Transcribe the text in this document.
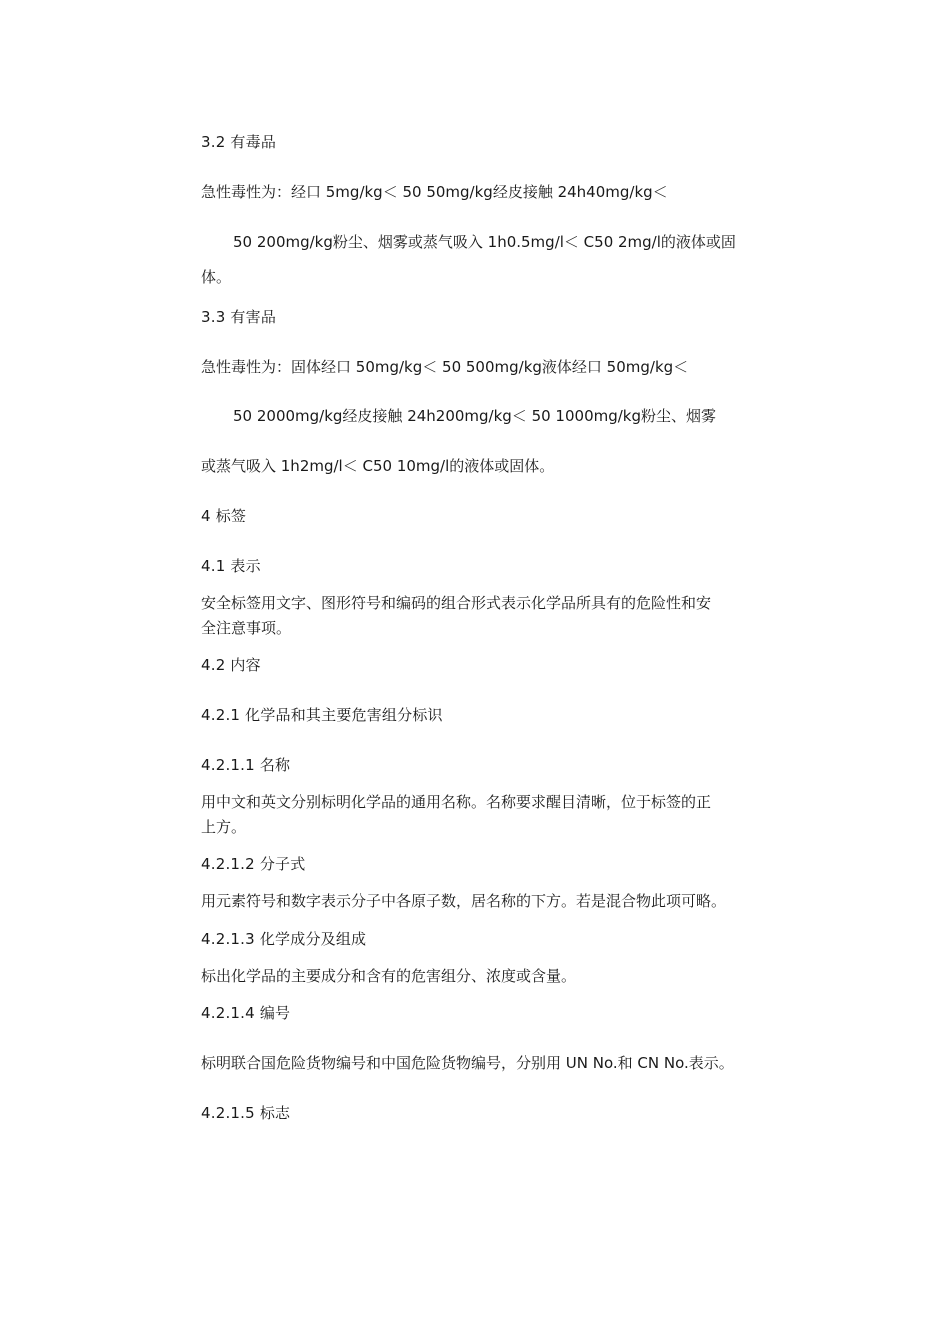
3.2 有毒品
急性毒性为：经口 5mg/kg＜ 50 50mg/kg经皮接触 24h40mg/kg＜
50 200mg/kg粉尘、烟雾或蒸气吸入 1h0.5mg/l＜ C50 2mg/l的液体或固
体。
3.3 有害品
急性毒性为：固体经口 50mg/kg＜ 50 500mg/kg液体经口 50mg/kg＜
50 2000mg/kg经皮接触 24h200mg/kg＜ 50 1000mg/kg粉尘、烟雾
或蒸气吸入 1h2mg/l＜ C50 10mg/l的液体或固体。
4 标签
4.1 表示
安全标签用文字、图形符号和编码的组合形式表示化学品所具有的危险性和安
全注意事项。
4.2 内容
4.2.1 化学品和其主要危害组分标识
4.2.1.1 名称
用中文和英文分别标明化学品的通用名称。名称要求醒目清晰，位于标签的正
上方。
4.2.1.2 分子式
用元素符号和数字表示分子中各原子数，居名称的下方。若是混合物此项可略。
4.2.1.3 化学成分及组成
标出化学品的主要成分和含有的危害组分、浓度或含量。
4.2.1.4 编号
标明联合国危险货物编号和中国危险货物编号，分别用 UN No.和 CN No.表示。
4.2.1.5 标志
